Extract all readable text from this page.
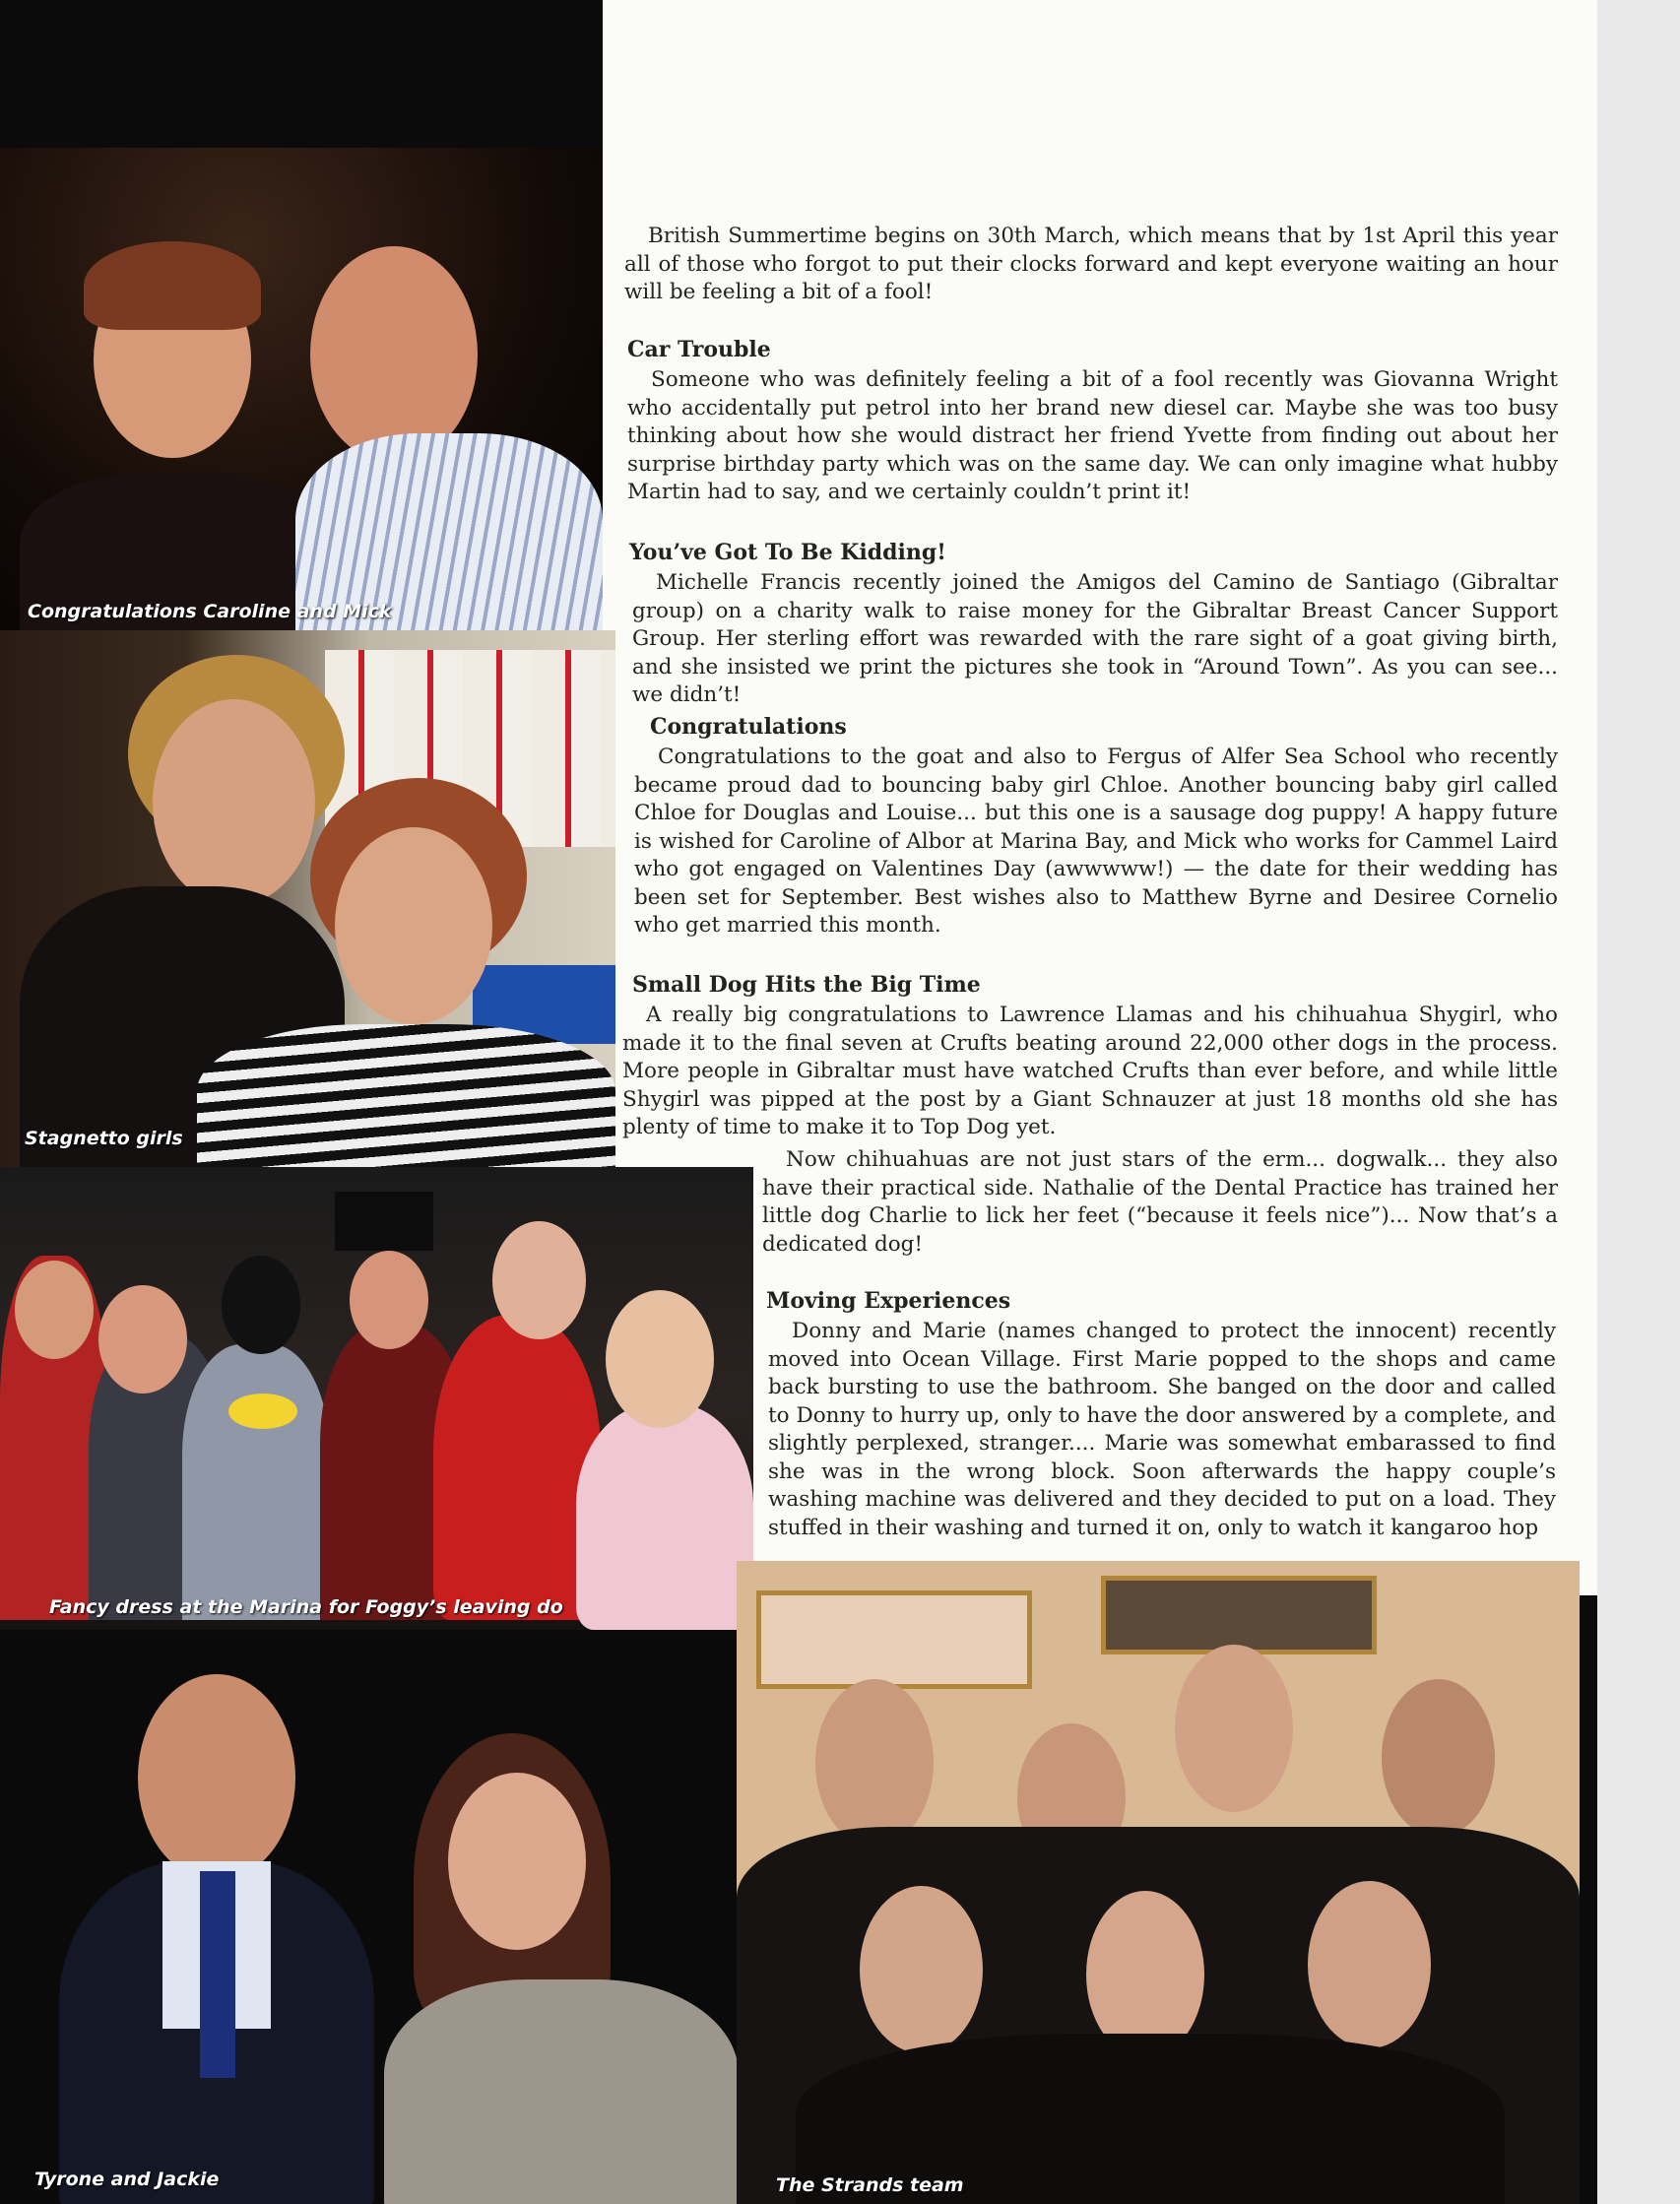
British Summertime begins on 30th March, which means that by 1st April this year all of those who forgot to put their clocks forward and kept everyone waiting an hour will be feeling a bit of a fool!

Car Trouble

Someone who was definitely feeling a bit of a fool recently was Giovanna Wright who accidentally put petrol into her brand new diesel car. Maybe she was too busy thinking about how she would distract her friend Yvette from finding out about her surprise birthday party which was on the same day. We can only imagine what hubby Martin had to say, and we certainly couldn’t print it!

You’ve Got To Be Kidding!

Michelle Francis recently joined the Amigos del Camino de Santiago (Gibraltar group) on a charity walk to raise money for the Gibraltar Breast Cancer Support Group. Her sterling effort was rewarded with the rare sight of a goat giving birth, and she insisted we print the pictures she took in “Around Town”. As you can see... we didn’t!

Congratulations

Congratulations to the goat and also to Fergus of Alfer Sea School who recently became proud dad to bouncing baby girl Chloe. Another bouncing baby girl called Chloe for Douglas and Louise... but this one is a sausage dog puppy! A happy future is wished for Caroline of Albor at Marina Bay, and Mick who works for Cammel Laird who got engaged on Valentines Day (awwwww!) — the date for their wedding has been set for September. Best wishes also to Matthew Byrne and Desiree Cornelio who get married this month.

Small Dog Hits the Big Time

A really big congratulations to Lawrence Llamas and his chihuahua Shygirl, who made it to the final seven at Crufts beating around 22,000 other dogs in the process. More people in Gibraltar must have watched Crufts than ever before, and while little Shygirl was pipped at the post by a Giant Schnauzer at just 18 months old she has plenty of time to make it to Top Dog yet.

Now chihuahuas are not just stars of the erm... dogwalk... they also have their practical side. Nathalie of the Dental Practice has trained her little dog Charlie to lick her feet (“because it feels nice”)... Now that’s a dedicated dog!

Moving Experiences

Donny and Marie (names changed to protect the innocent) recently moved into Ocean Village. First Marie popped to the shops and came back bursting to use the bathroom. She banged on the door and called to Donny to hurry up, only to have the door answered by a complete, and slightly perplexed, stranger.... Marie was somewhat embarassed to find she was in the wrong block. Soon afterwards the happy couple’s washing machine was delivered and they decided to put on a load. They stuffed in their washing and turned it on, only to watch it kangaroo hop

Congratulations Caroline and Mick
Stagnetto girls
Fancy dress at the Marina for Foggy’s leaving do
Tyrone and Jackie	The Strands team
